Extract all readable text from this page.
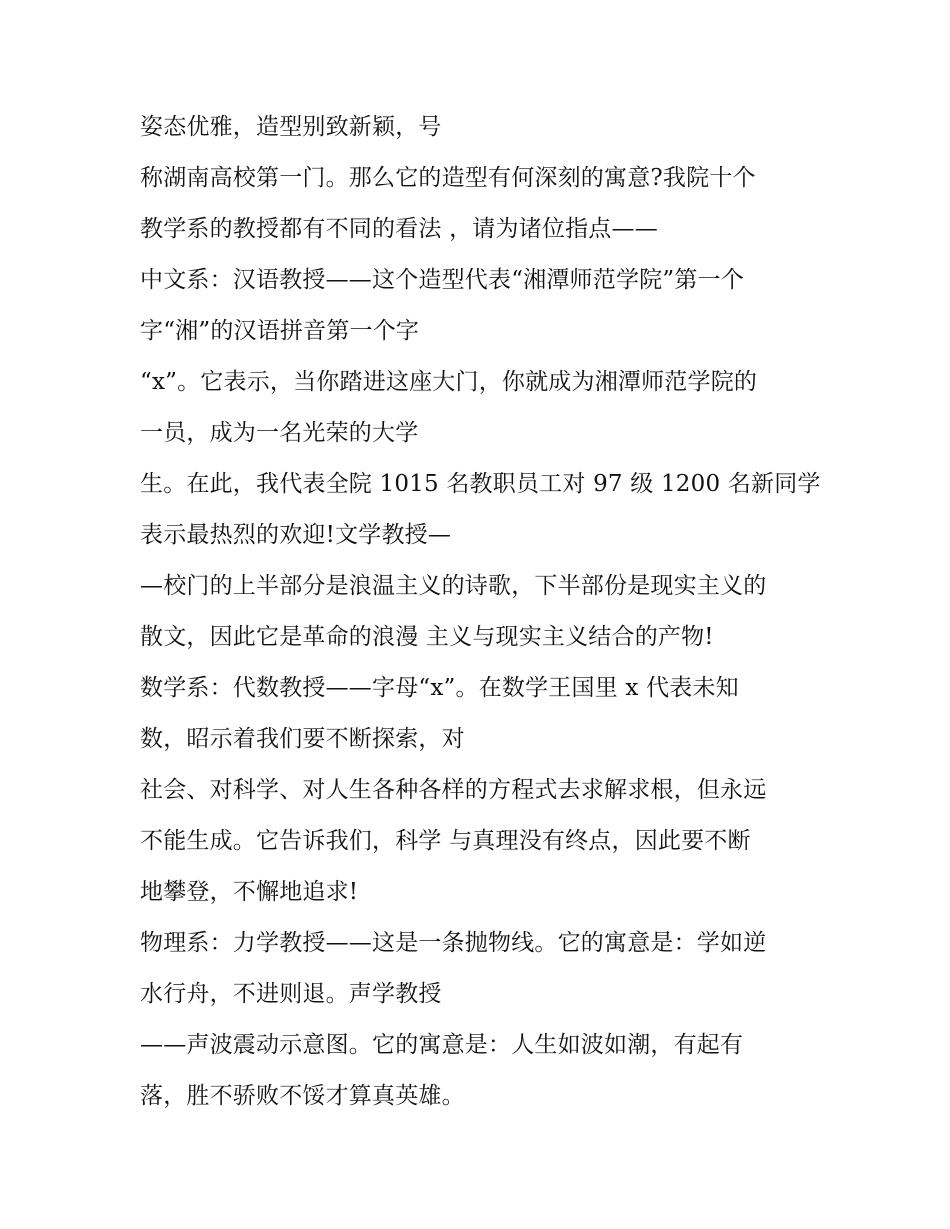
姿态优雅，造型别致新颖，号
称湖南高校第一门。那么它的造型有何深刻的寓意?我院十个
教学系的教授都有不同的看法 ，请为诸位指点——
中文系：汉语教授——这个造型代表“湘潭师范学院”第一个
字“湘”的汉语拼音第一个字
“x”。它表示，当你踏进这座大门，你就成为湘潭师范学院的
一员，成为一名光荣的大学
生。在此，我代表全院 1015 名教职员工对 97 级 1200 名新同学
表示最热烈的欢迎!文学教授—
—校门的上半部分是浪温主义的诗歌，下半部份是现实主义的
散文，因此它是革命的浪漫 主义与现实主义结合的产物!
数学系：代数教授——字母“x”。在数学王国里 x 代表未知
数，昭示着我们要不断探索，对
社会、对科学、对人生各种各样的方程式去求解求根，但永远
不能生成。它告诉我们，科学 与真理没有终点，因此要不断
地攀登，不懈地追求!
物理系：力学教授——这是一条抛物线。它的寓意是：学如逆
水行舟，不进则退。声学教授
——声波震动示意图。它的寓意是：人生如波如潮，有起有
落，胜不骄败不馁才算真英雄。
